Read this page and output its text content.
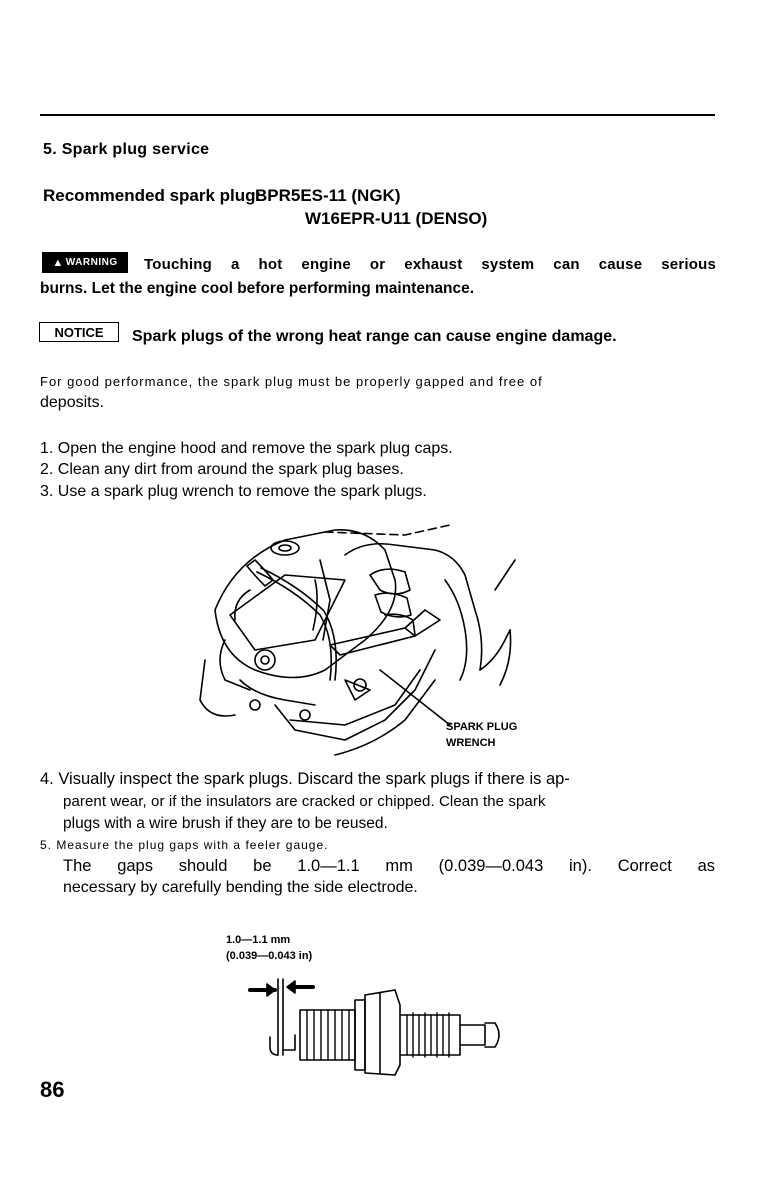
5. Spark plug service
Recommended spark plug:
BPR5ES-11 (NGK)
W16EPR-U11 (DENSO)
▲ WARNING Touching a hot engine or exhaust system can cause serious
burns. Let the engine cool before performing maintenance.
NOTICE	Spark plugs of the wrong heat range can cause engine damage.
For good performance, the spark plug must be properly gapped and free of
deposits.
1. Open the engine hood and remove the spark plug caps.
2. Clean any dirt from around the spark plug bases.
3. Use a spark plug wrench to remove the spark plugs.
SPARK PLUG
WRENCH
4. Visually inspect the spark plugs. Discard the spark plugs if there is ap-
parent wear, or if the insulators are cracked or chipped. Clean the spark
plugs with a wire brush if they are to be reused.
5. Measure the plug gaps with a feeler gauge.
The gaps should be 1.0—1.1 mm (0.039—0.043 in). Correct as
necessary by carefully bending the side electrode.
1.0—1.1 mm
(0.039—0.043 in)
86
